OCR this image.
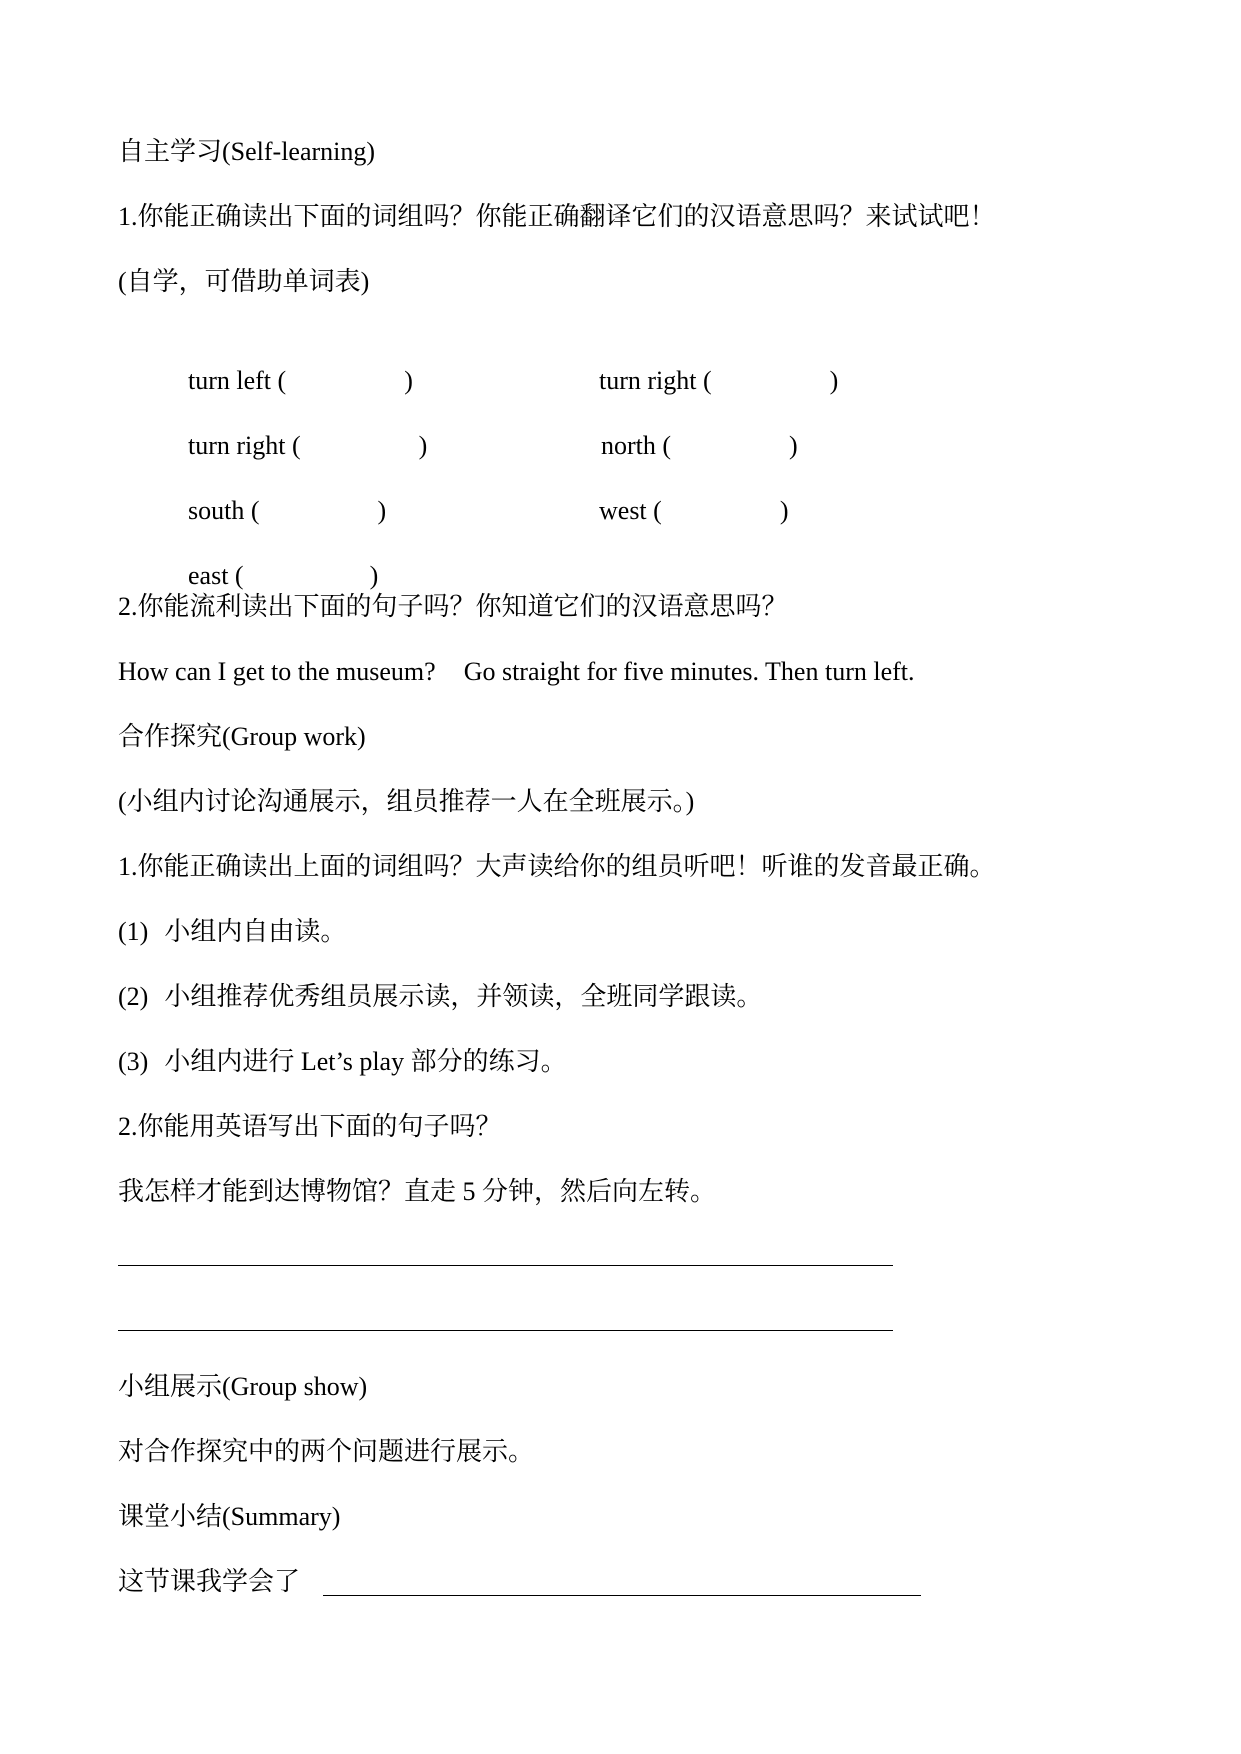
自主学习(Self-learning)
1.你能正确读出下面的词组吗？你能正确翻译它们的汉语意思吗？来试试吧！
(自学，可借助单词表)

turn left (	)
	turn right (	)

turn right (	)
	north (	)

south (	)
	west (	)

east (	)

2.你能流利读出下面的句子吗？你知道它们的汉语意思吗？
How can I get to the museum? Go straight for five minutes. Then turn left.
合作探究(Group work)
(小组内讨论沟通展示，组员推荐一人在全班展示。)
1.你能正确读出上面的词组吗？大声读给你的组员听吧！听谁的发音最正确。
(1) 小组内自由读。
(2) 小组推荐优秀组员展示读，并领读，全班同学跟读。
(3) 小组内进行 Let’s play 部分的练习。
2.你能用英语写出下面的句子吗？
我怎样才能到达博物馆？直走 5 分钟，然后向左转。
小组展示(Group show)
对合作探究中的两个问题进行展示。
课堂小结(Summary)
这节课我学会了
